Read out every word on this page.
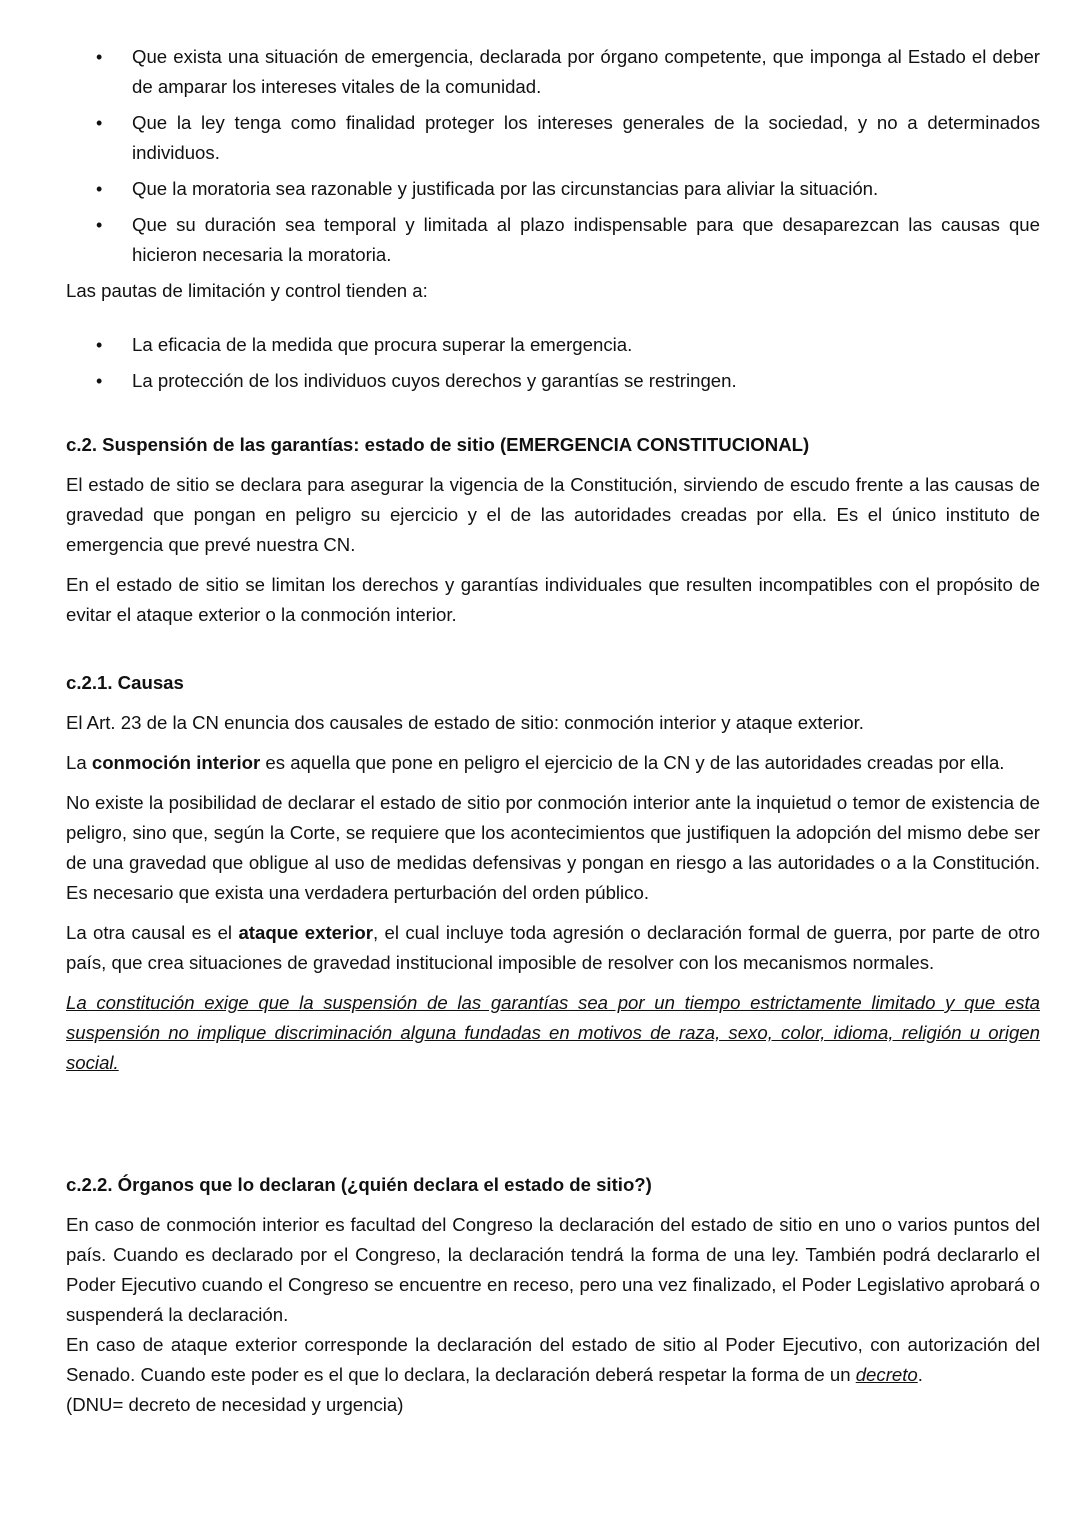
• Que exista una situación de emergencia, declarada por órgano competente, que imponga al Estado el deber de amparar los intereses vitales de la comunidad.
• Que la ley tenga como finalidad proteger los intereses generales de la sociedad, y no a determinados individuos.
• Que la moratoria sea razonable y justificada por las circunstancias para aliviar la situación.
• Que su duración sea temporal y limitada al plazo indispensable para que desaparezcan las causas que hicieron necesaria la moratoria.

Las pautas de limitación y control tienden a:

• La eficacia de la medida que procura superar la emergencia.
• La protección de los individuos cuyos derechos y garantías se restringen.
c.2. Suspensión de las garantías: estado de sitio (EMERGENCIA CONSTITUCIONAL)

El estado de sitio se declara para asegurar la vigencia de la Constitución, sirviendo de escudo frente a las causas de gravedad que pongan en peligro su ejercicio y el de las autoridades creadas por ella. Es el único instituto de emergencia que prevé nuestra CN.

En el estado de sitio se limitan los derechos y garantías individuales que resulten incompatibles con el propósito de evitar el ataque exterior o la conmoción interior.

c.2.1. Causas

El Art. 23 de la CN enuncia dos causales de estado de sitio: conmoción interior y ataque exterior.

La conmoción interior es aquella que pone en peligro el ejercicio de la CN y de las autoridades creadas por ella.

No existe la posibilidad de declarar el estado de sitio por conmoción interior ante la inquietud o temor de existencia de peligro, sino que, según la Corte, se requiere que los acontecimientos que justifiquen la adopción del mismo debe ser de una gravedad que obligue al uso de medidas defensivas y pongan en riesgo a las autoridades o a la Constitución. Es necesario que exista una verdadera perturbación del orden público.

La otra causal es el ataque exterior, el cual incluye toda agresión o declaración formal de guerra, por parte de otro país, que crea situaciones de gravedad institucional imposible de resolver con los mecanismos normales.

La constitución exige que la suspensión de las garantías sea por un tiempo estrictamente limitado y que esta suspensión no implique discriminación alguna fundadas en motivos de raza, sexo, color, idioma, religión u origen social.

c.2.2. Órganos que lo declaran (¿quién declara el estado de sitio?)

En caso de conmoción interior es facultad del Congreso la declaración del estado de sitio en uno o varios puntos del país. Cuando es declarado por el Congreso, la declaración tendrá la forma de una ley. También podrá declararlo el Poder Ejecutivo cuando el Congreso se encuentre en receso, pero una vez finalizado, el Poder Legislativo aprobará o suspenderá la declaración.

En caso de ataque exterior corresponde la declaración del estado de sitio al Poder Ejecutivo, con autorización del Senado. Cuando este poder es el que lo declara, la declaración deberá respetar la forma de un decreto.

(DNU= decreto de necesidad y urgencia)
